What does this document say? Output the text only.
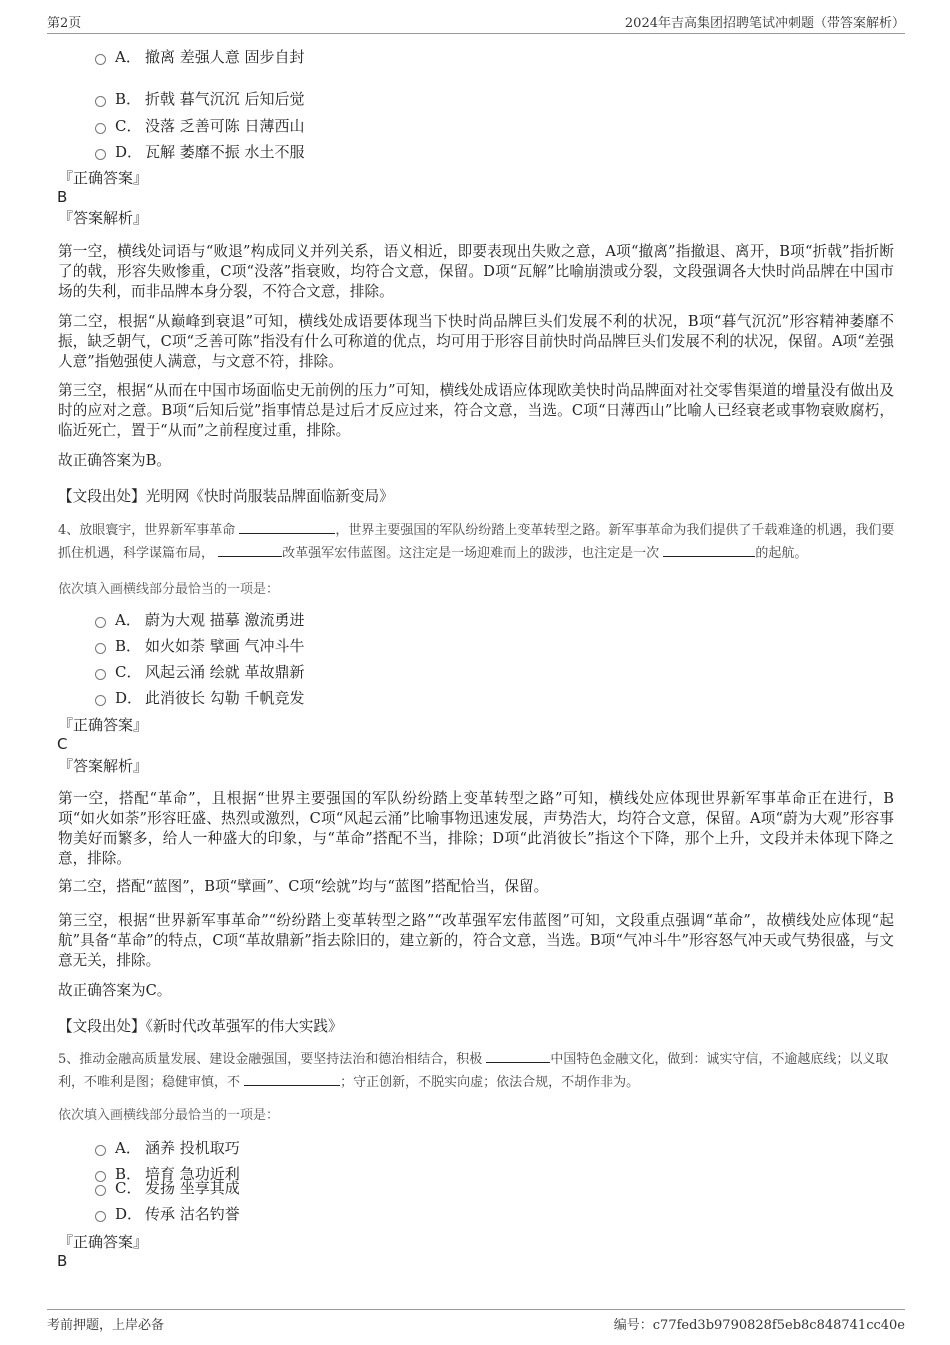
第2页	2024年吉高集团招聘笔试冲刺题（带答案解析）
A． 撤离 差强人意 固步自封
B． 折戟 暮气沉沉 后知后觉
C． 没落 乏善可陈 日薄西山
D． 瓦解 萎靡不振 水土不服
『正确答案』
B
『答案解析』
第一空，横线处词语与“败退”构成同义并列关系，语义相近，即要表现出失败之意，A项“撤离”指撤退、离开，B项“折戟”指折断了的戟，形容失败惨重，C项“没落”指衰败，均符合文意，保留。D项“瓦解”比喻崩溃或分裂，文段强调各大快时尚品牌在中国市场的失利，而非品牌本身分裂，不符合文意，排除。
第二空，根据“从巅峰到衰退”可知，横线处成语要体现当下快时尚品牌巨头们发展不利的状况，B项“暮气沉沉”形容精神萎靡不振，缺乏朝气，C项“乏善可陈”指没有什么可称道的优点，均可用于形容目前快时尚品牌巨头们发展不利的状况，保留。A项“差强人意”指勉强使人满意，与文意不符，排除。
第三空，根据“从而在中国市场面临史无前例的压力”可知，横线处成语应体现欧美快时尚品牌面对社交零售渠道的增量没有做出及时的应对之意。B项“后知后觉”指事情总是过后才反应过来，符合文意，当选。C项“日薄西山”比喻人已经衰老或事物衰败腐朽，临近死亡，置于“从而”之前程度过重，排除。
故正确答案为B。
【文段出处】光明网《快时尚服装品牌面临新变局》
4、放眼寰宇，世界新军事革命	，世界主要强国的军队纷纷踏上变革转型之路。新军事革命为我们提供了千载难逢的机遇，我们要抓住机遇，科学谋篇布局，	改革强军宏伟蓝图。这注定是一场迎难而上的跋涉，也注定是一次	的起航。
依次填入画横线部分最恰当的一项是：
A． 蔚为大观 描摹 激流勇进
B． 如火如荼 擘画 气冲斗牛
C． 风起云涌 绘就 革故鼎新
D． 此消彼长 勾勒 千帆竞发
『正确答案』
C
『答案解析』
第一空，搭配“革命”，且根据“世界主要强国的军队纷纷踏上变革转型之路”可知，横线处应体现世界新军事革命正在进行，B项“如火如荼”形容旺盛、热烈或激烈，C项“风起云涌”比喻事物迅速发展，声势浩大，均符合文意，保留。A项“蔚为大观”形容事物美好而繁多，给人一种盛大的印象，与“革命”搭配不当，排除；D项“此消彼长”指这个下降，那个上升，文段并未体现下降之意，排除。
第二空，搭配“蓝图”，B项“擘画”、C项“绘就”均与“蓝图”搭配恰当，保留。
第三空，根据“世界新军事革命”“纷纷踏上变革转型之路”“改革强军宏伟蓝图”可知，文段重点强调“革命”，故横线处应体现“起航”具备“革命”的特点，C项“革故鼎新”指去除旧的，建立新的，符合文意，当选。B项“气冲斗牛”形容怒气冲天或气势很盛，与文意无关，排除。
故正确答案为C。
【文段出处】《新时代改革强军的伟大实践》
5、推动金融高质量发展、建设金融强国，要坚持法治和德治相结合，积极	中国特色金融文化，做到：诚实守信，不逾越底线；以义取利，不唯利是图；稳健审慎，不	；守正创新，不脱实向虚；依法合规，不胡作非为。
依次填入画横线部分最恰当的一项是：
A． 涵养 投机取巧
B． 培育 急功近利
C． 发扬 坐享其成
D． 传承 沽名钓誉
『正确答案』
B
考前押题，上岸必备	编号：c77fed3b9790828f5eb8c848741cc40e
